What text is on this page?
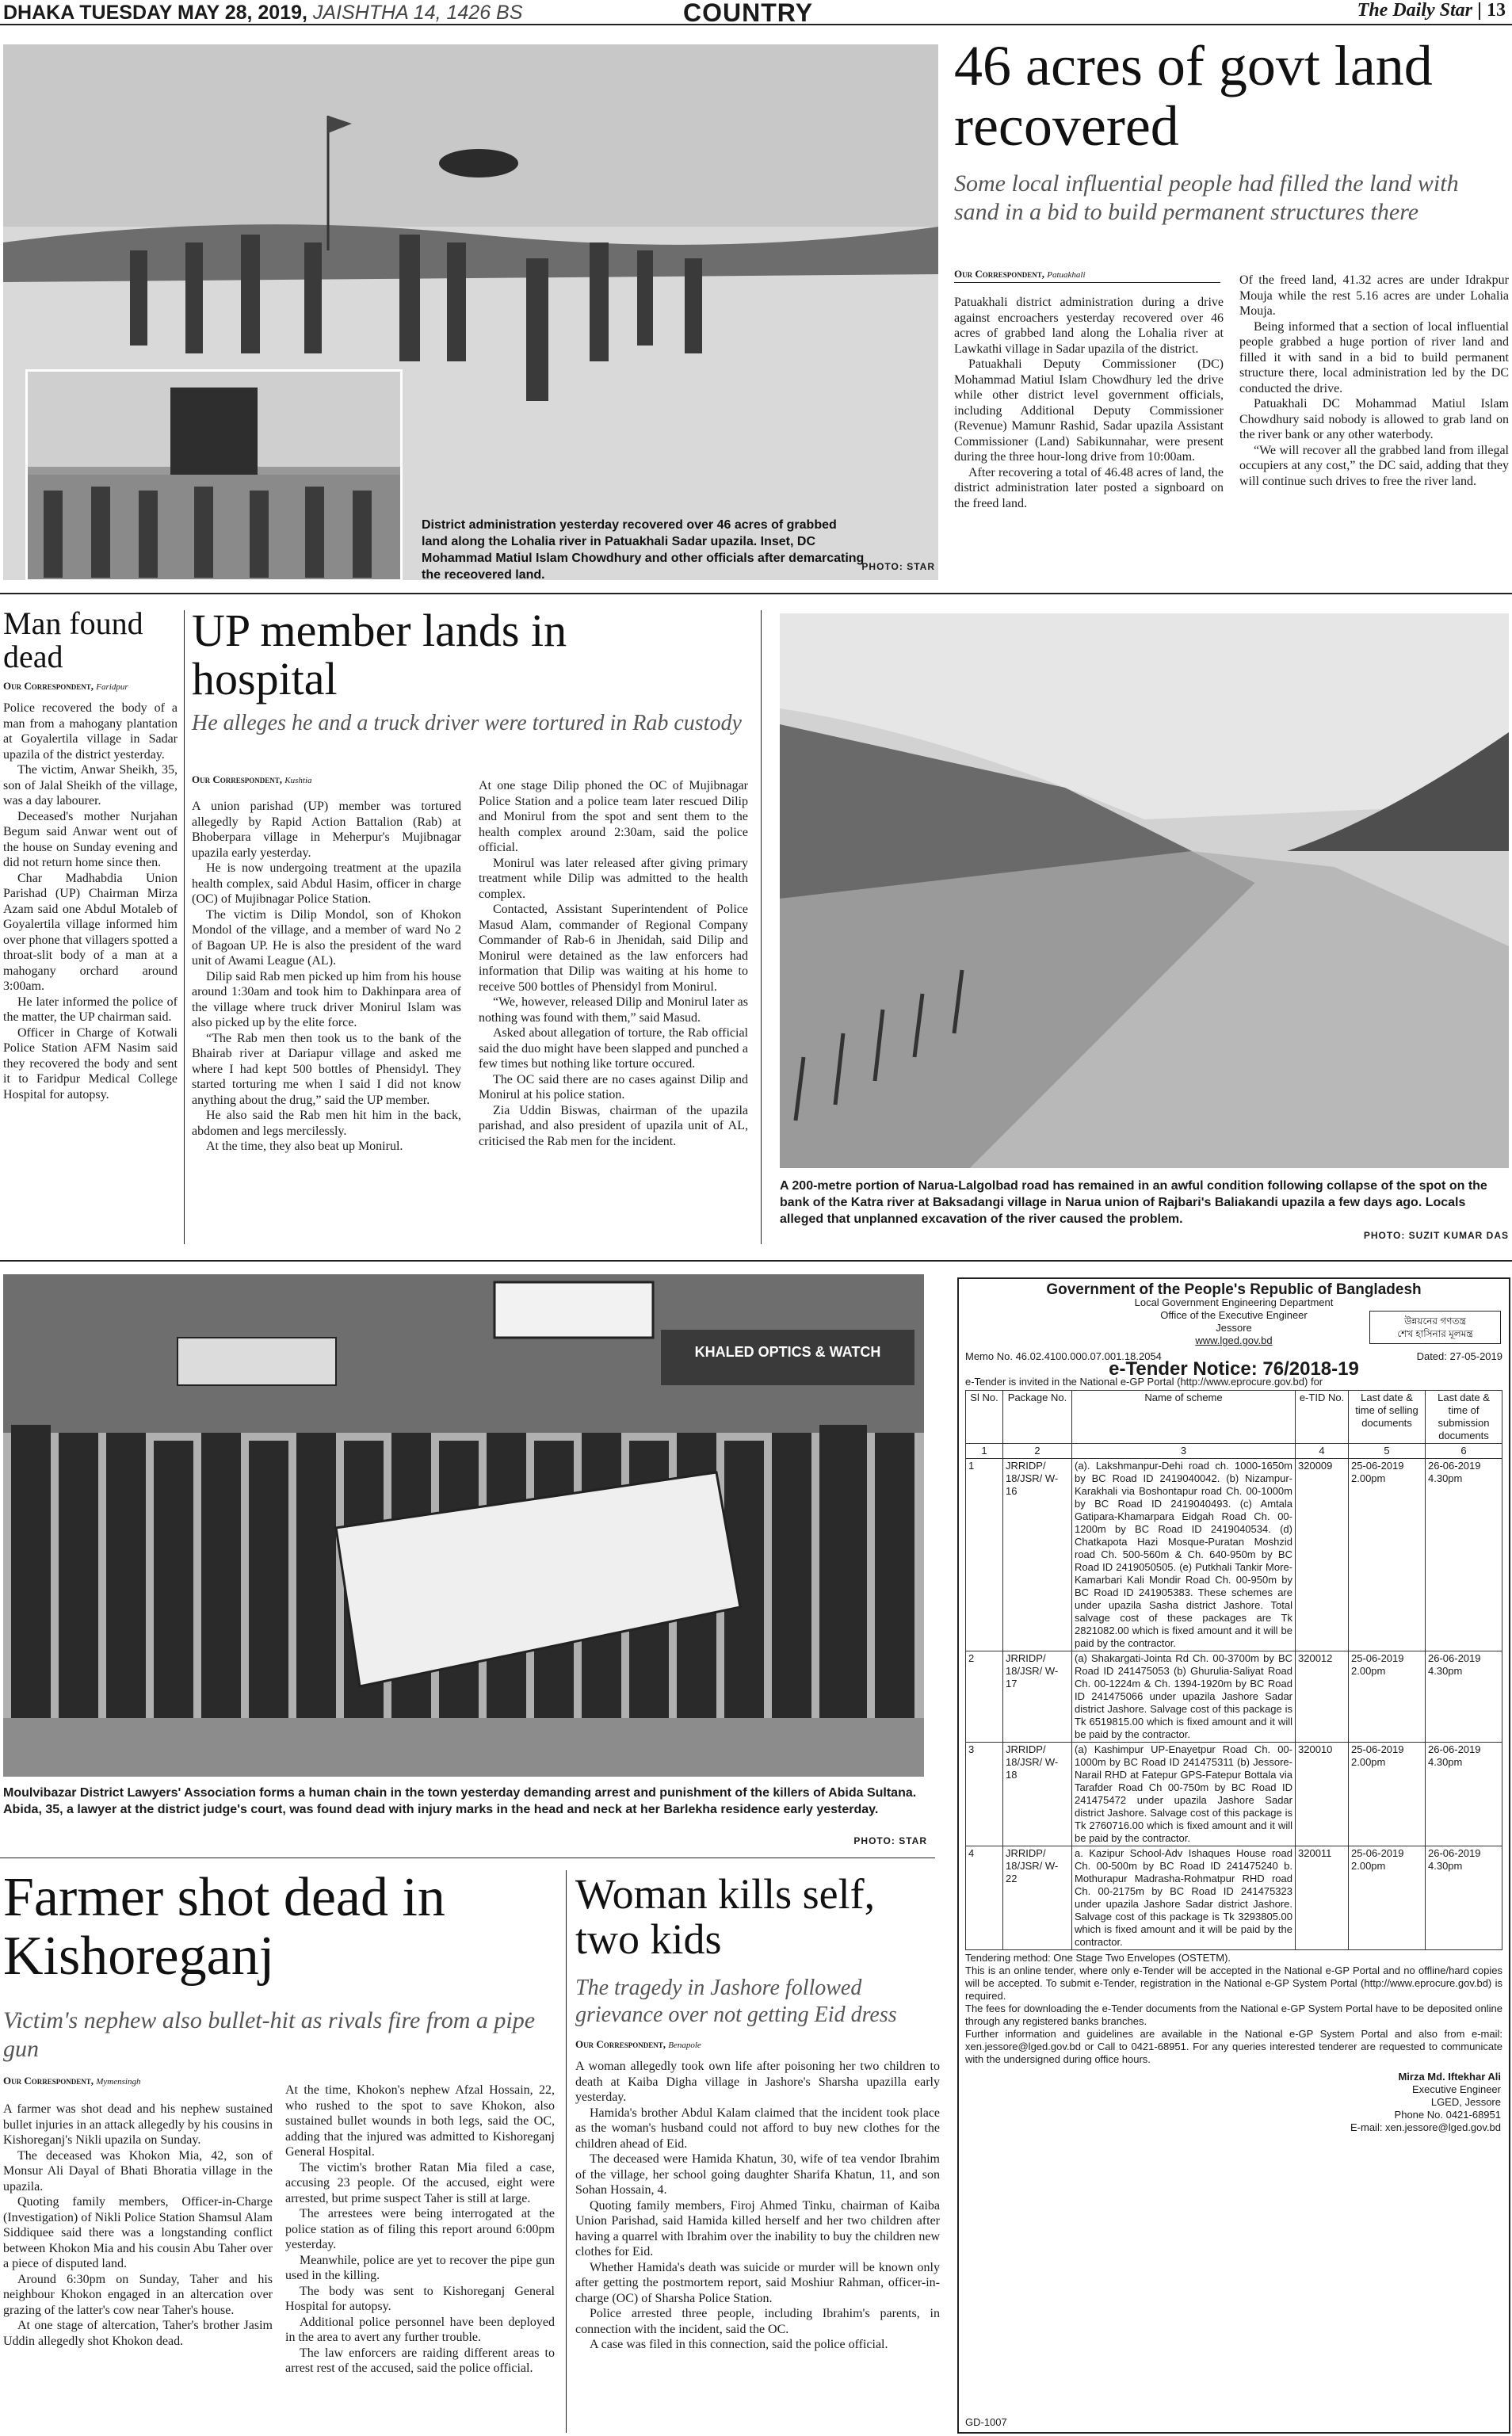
DHAKA TUESDAY MAY 28, 2019, JAISHTHA 14, 1426 BS	COUNTRY	The Daily Star 13
District administration yesterday recovered over 46 acres of grabbed land along the Lohalia river in Patuakhali Sadar upazila. Inset, DC Mohammad Matiul Islam Chowdhury and other officials after demarcating the receovered land.
PHOTO: STAR
46 acres of govt land recovered
Some local influential people had filled the land with sand in a bid to build permanent structures there
Our Correspondent, Patuakhali

Patuakhali district administration during a drive against encroachers yesterday recovered over 46 acres of grabbed land along the Lohalia river at Lawkathi village in Sadar upazila of the district.

Patuakhali Deputy Commissioner (DC) Mohammad Matiul Islam Chowdhury led the drive while other district level government officials, including Additional Deputy Commissioner (Revenue) Mamunr Rashid, Sadar upazila Assistant Commissioner (Land) Sabikunnahar, were present during the three hour-long drive from 10:00am.

After recovering a total of 46.48 acres of land, the district administration later posted a signboard on the freed land.

Of the freed land, 41.32 acres are under Idrakpur Mouja while the rest 5.16 acres are under Lohalia Mouja.

Being informed that a section of local influential people grabbed a huge portion of river land and filled it with sand in a bid to build permanent structure there, local administration led by the DC conducted the drive.

Patuakhali DC Mohammad Matiul Islam Chowdhury said nobody is allowed to grab land on the river bank or any other waterbody.

“We will recover all the grabbed land from illegal occupiers at any cost,” the DC said, adding that they will continue such drives to free the river land.

Man found dead
Our Correspondent, Faridpur

Police recovered the body of a man from a mahogany plantation at Goyalertila village in Sadar upazila of the district yesterday.

The victim, Anwar Sheikh, 35, son of Jalal Sheikh of the village, was a day labourer.

Deceased's mother Nurjahan Begum said Anwar went out of the house on Sunday evening and did not return home since then.

Char Madhabdia Union Parishad (UP) Chairman Mirza Azam said one Abdul Motaleb of Goyalertila village informed him over phone that villagers spotted a throat-slit body of a man at a mahogany orchard around 3:00am.

He later informed the police of the matter, the UP chairman said.

Officer in Charge of Kotwali Police Station AFM Nasim said they recovered the body and sent it to Faridpur Medical College Hospital for autopsy.

UP member lands in hospital
He alleges he and a truck driver were tortured in Rab custody
Our Correspondent, Kushtia

A union parishad (UP) member was tortured allegedly by Rapid Action Battalion (Rab) at Bhoberpara village in Meherpur's Mujibnagar upazila early yesterday.

He is now undergoing treatment at the upazila health complex, said Abdul Hasim, officer in charge (OC) of Mujibnagar Police Station.

The victim is Dilip Mondol, son of Khokon Mondol of the village, and a member of ward No 2 of Bagoan UP. He is also the president of the ward unit of Awami League (AL).

Dilip said Rab men picked up him from his house around 1:30am and took him to Dakhinpara area of the village where truck driver Monirul Islam was also picked up by the elite force.

“The Rab men then took us to the bank of the Bhairab river at Dariapur village and asked me where I had kept 500 bottles of Phensidyl. They started torturing me when I said I did not know anything about the drug,” said the UP member.

He also said the Rab men hit him in the back, abdomen and legs mercilessly.

At the time, they also beat up Monirul.

At one stage Dilip phoned the OC of Mujibnagar Police Station and a police team later rescued Dilip and Monirul from the spot and sent them to the health complex around 2:30am, said the police official.

Monirul was later released after giving primary treatment while Dilip was admitted to the health complex.

Contacted, Assistant Superintendent of Police Masud Alam, commander of Regional Company Commander of Rab-6 in Jhenidah, said Dilip and Monirul were detained as the law enforcers had information that Dilip was waiting at his home to receive 500 bottles of Phensidyl from Monirul.

“We, however, released Dilip and Monirul later as nothing was found with them,” said Masud.

Asked about allegation of torture, the Rab official said the duo might have been slapped and punched a few times but nothing like torture occured.

The OC said there are no cases against Dilip and Monirul at his police station.

Zia Uddin Biswas, chairman of the upazila parishad, and also president of upazila unit of AL, criticised the Rab men for the incident.

A 200-metre portion of Narua-Lalgolbad road has remained in an awful condition following collapse of the spot on the bank of the Katra river at Baksadangi village in Narua union of Rajbari's Baliakandi upazila a few days ago. Locals alleged that unplanned excavation of the river caused the problem.
PHOTO: SUZIT KUMAR DAS
KHALED OPTICS & WATCH
Moulvibazar District Lawyers' Association forms a human chain in the town yesterday demanding arrest and punishment of the killers of Abida Sultana. Abida, 35, a lawyer at the district judge's court, was found dead with injury marks in the head and neck at her Barlekha residence early yesterday.
PHOTO: STAR
Farmer shot dead in Kishoreganj
Victim's nephew also bullet-hit as rivals fire from a pipe gun
Our Correspondent, Mymensingh

A farmer was shot dead and his nephew sustained bullet injuries in an attack allegedly by his cousins in Kishoreganj's Nikli upazila on Sunday.

The deceased was Khokon Mia, 42, son of Monsur Ali Dayal of Bhati Bhoratia village in the upazila.

Quoting family members, Officer-in-Charge (Investigation) of Nikli Police Station Shamsul Alam Siddiquee said there was a longstanding conflict between Khokon Mia and his cousin Abu Taher over a piece of disputed land.

Around 6:30pm on Sunday, Taher and his neighbour Khokon engaged in an altercation over grazing of the latter's cow near Taher's house.

At one stage of altercation, Taher's brother Jasim Uddin allegedly shot Khokon dead.

At the time, Khokon's nephew Afzal Hossain, 22, who rushed to the spot to save Khokon, also sustained bullet wounds in both legs, said the OC, adding that the injured was admitted to Kishoreganj General Hospital.

The victim's brother Ratan Mia filed a case, accusing 23 people. Of the accused, eight were arrested, but prime suspect Taher is still at large.

The arrestees were being interrogated at the police station as of filing this report around 6:00pm yesterday.

Meanwhile, police are yet to recover the pipe gun used in the killing.

The body was sent to Kishoreganj General Hospital for autopsy.

Additional police personnel have been deployed in the area to avert any further trouble.

The law enforcers are raiding different areas to arrest rest of the accused, said the police official.

Woman kills self, two kids
The tragedy in Jashore followed grievance over not getting Eid dress
Our Correspondent, Benapole

A woman allegedly took own life after poisoning her two children to death at Kaiba Digha village in Jashore's Sharsha upazilla early yesterday.

Hamida's brother Abdul Kalam claimed that the incident took place as the woman's husband could not afford to buy new clothes for the children ahead of Eid.

The deceased were Hamida Khatun, 30, wife of tea vendor Ibrahim of the village, her school going daughter Sharifa Khatun, 11, and son Sohan Hossain, 4.

Quoting family members, Firoj Ahmed Tinku, chairman of Kaiba Union Parishad, said Hamida killed herself and her two children after having a quarrel with Ibrahim over the inability to buy the children new clothes for Eid.

Whether Hamida's death was suicide or murder will be known only after getting the postmortem report, said Moshiur Rahman, officer-in-charge (OC) of Sharsha Police Station.

Police arrested three people, including Ibrahim's parents, in connection with the incident, said the OC.

A case was filed in this connection, said the police official.

Government of the People's Republic of Bangladesh
Local Government Engineering Department
Office of the Executive Engineer
Jessore
www.lged.gov.bd
উন্নয়নের গণতন্ত্র
শেখ হাসিনার মূলমন্ত্র
Memo No. 46.02.4100.000.07.001.18.2054	Dated: 27-05-2019
e-Tender Notice: 76/2018-19
e-Tender is invited in the National e-GP Portal (http://www.eprocure.gov.bd) for
Sl No.	Package No.	Name of scheme	e-TID No.	Last date & time of selling documents	Last date & time of submission documents
1	2	3	4	5	6
1	JRRIDP/ 18/JSR/ W-16	(a). Lakshmanpur-Dehi road ch. 1000-1650m by BC Road ID 2419040042. (b) Nizampur-Karakhali via Boshontapur road Ch. 00-1000m by BC Road ID 2419040493. (c) Amtala Gatipara-Khamarpara Eidgah Road Ch. 00-1200m by BC Road ID 2419040534. (d) Chatkapota Hazi Mosque-Puratan Moshzid road Ch. 500-560m & Ch. 640-950m by BC Road ID 2419050505. (e) Putkhali Tankir More-Kamarbari Kali Mondir Road Ch. 00-950m by BC Road ID 241905383. These schemes are under upazila Sasha district Jashore. Total salvage cost of these packages are Tk 2821082.00 which is fixed amount and it will be paid by the contractor.	320009	25-06-2019 2.00pm	26-06-2019 4.30pm
2	JRRIDP/ 18/JSR/ W-17	(a) Shakargati-Jointa Rd Ch. 00-3700m by BC Road ID 241475053 (b) Ghurulia-Saliyat Road Ch. 00-1224m & Ch. 1394-1920m by BC Road ID 241475066 under upazila Jashore Sadar district Jashore. Salvage cost of this package is Tk 6519815.00 which is fixed amount and it will be paid by the contractor.	320012	25-06-2019 2.00pm	26-06-2019 4.30pm
3	JRRIDP/ 18/JSR/ W-18	(a) Kashimpur UP-Enayetpur Road Ch. 00-1000m by BC Road ID 241475311 (b) Jessore-Narail RHD at Fatepur GPS-Fatepur Bottala via Tarafder Road Ch 00-750m by BC Road ID 241475472 under upazila Jashore Sadar district Jashore. Salvage cost of this package is Tk 2760716.00 which is fixed amount and it will be paid by the contractor.	320010	25-06-2019 2.00pm	26-06-2019 4.30pm
4	JRRIDP/ 18/JSR/ W-22	a. Kazipur School-Adv Ishaques House road Ch. 00-500m by BC Road ID 241475240 b. Mothurapur Madrasha-Rohmatpur RHD road Ch. 00-2175m by BC Road ID 241475323 under upazila Jashore Sadar district Jashore. Salvage cost of this package is Tk 3293805.00 which is fixed amount and it will be paid by the contractor.	320011	25-06-2019 2.00pm	26-06-2019 4.30pm
Tendering method: One Stage Two Envelopes (OSTETM).
This is an online tender, where only e-Tender will be accepted in the National e-GP Portal and no offline/hard copies will be accepted. To submit e-Tender, registration in the National e-GP System Portal (http://www.eprocure.gov.bd) is required.
The fees for downloading the e-Tender documents from the National e-GP System Portal have to be deposited online through any registered banks branches.
Further information and guidelines are available in the National e-GP System Portal and also from e-mail: xen.jessore@lged.gov.bd or Call to 0421-68951. For any queries interested tenderer are requested to communicate with the undersigned during office hours.
Mirza Md. Iftekhar Ali
Executive Engineer
LGED, Jessore
Phone No. 0421-68951
E-mail: xen.jessore@lged.gov.bd
GD-1007
